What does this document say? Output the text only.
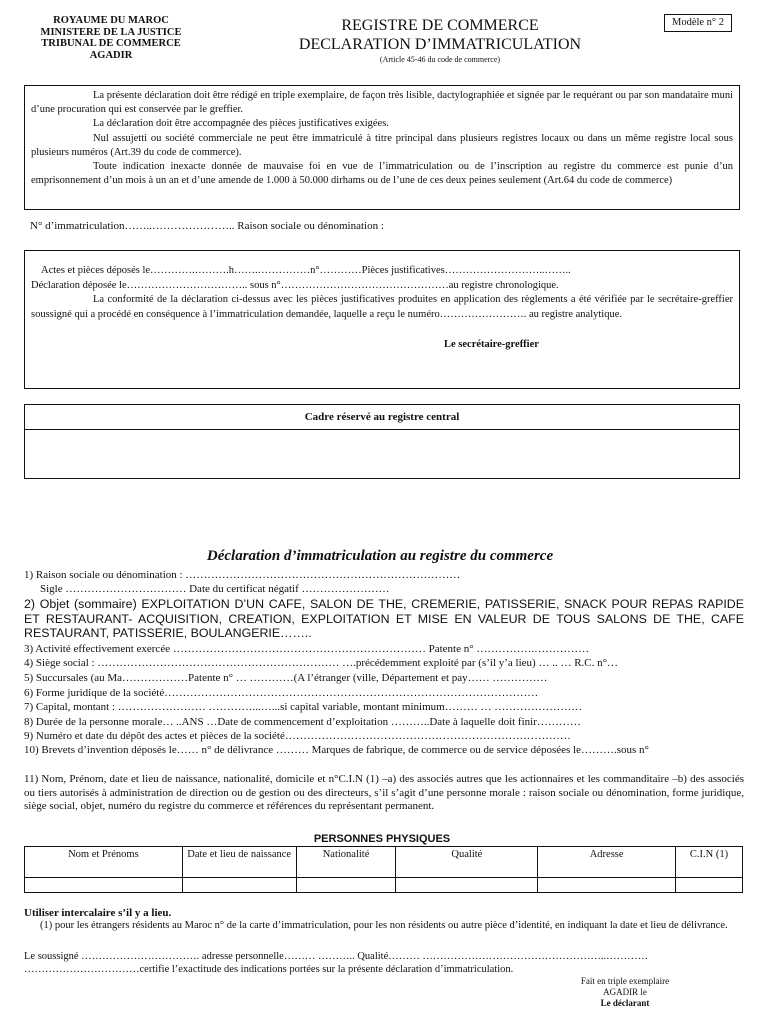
ROYAUME DU MAROC
MINISTERE DE LA JUSTICE
TRIBUNAL DE COMMERCE
AGADIR
REGISTRE DE COMMERCE
DECLARATION D’IMMATRICULATION
(Article 45-46 du code de commerce)
Modèle n° 2

La présente déclaration doit être rédigé en triple exemplaire, de façon très lisible, dactylographiée et signée par le requérant ou par son mandataire muni d’une procuration qui est conservée par le greffier.

La déclaration doit être accompagnée des pièces justificatives exigées.

Nul assujetti ou société commerciale ne peut être immatriculé à titre principal dans plusieurs registres locaux ou dans un même registre local sous plusieurs numéros (Art.39 du code de commerce).

Toute indication inexacte donnée de mauvaise foi en vue de l’immatriculation ou de l’inscription au registre du commerce est punie d’un emprisonnement d’un mois à un an et d’une amende de 1.000 à 50.000 dirhams ou de l’une de ces deux peines seulement (Art.64 du code de commerce)

N° d’immatriculation……..………………….. Raison sociale ou dénomination :

Actes et pièces déposés le………….……….h…….……………n°…………Pièces justificatives………………………..……..

Déclaration déposée le…………………………….. sous n°…………………………………………au registre chronologique.

La conformité de la déclaration ci-dessus avec les pièces justificatives produites en application des règlements a été vérifiée par le secrétaire-greffier soussigné qui a procédé en conséquence à l’immatriculation demandée, laquelle a reçu le numéro……………………. au registre analytique.

Le secrétaire-greffier
Cadre réservé au registre central
Déclaration d’immatriculation au registre du commerce
1) Raison sociale ou dénomination : …………………………………………………………………
Sigle …………………………… Date du certificat négatif ……………………
2) Objet (sommaire) EXPLOITATION D’UN CAFE, SALON DE THE, CREMERIE, PATISSERIE, SNACK POUR REPAS RAPIDE ET RESTAURANT- ACQUISITION, CREATION, EXPLOITATION ET MISE EN VALEUR DE TOUS SALONS DE THE, CAFE RESTAURANT, PATISSERIE, BOULANGERIE……..
3) Activité effectivement exercée …………………………………………………………… Patente n° …………….……………
4) Siège social : ………………………………………………………… ….précédemment exploité par (s’il y’a lieu) … .. … R.C. n°…
5) Succursales (au Ma………………Patente n° … …………(A l’étranger (ville, Département et pay…… ……………
6) Forme juridique de la société…………………………………………………………………………………………
7) Capital, montant : …………………… …………...…...si capital variable, montant minimum……… … ……………………
8) Durée de la personne morale… ..ANS …Date de commencement d’exploitation ………..Date à laquelle doit finir…………
9) Numéro et date du dépôt des actes et pièces de la société……………………………………………………………………
10) Brevets d’invention déposés le…… n° de délivrance ……… Marques de fabrique, de commerce ou de service déposées le……….sous n°
11) Nom, Prénom, date et lieu de naissance, nationalité, domicile et n°C.I.N (1) –a) des associés autres que les actionnaires et les commanditaire –b) des associés ou tiers autorisés à administration de direction ou de gestion ou des directeurs, s’il s’agit d’une personne morale : raison sociale ou dénomination, forme juridique, siège social, objet, numéro du registre du commerce et références du représentant permanent.
PERSONNES PHYSIQUES
Nom et Prénoms	Date et lieu de naissance	Nationalité	Qualité	Adresse	C.I.N (1)

Utiliser intercalaire s’il y a lieu.
(1) pour les étrangers résidents au Maroc n° de la carte d’immatriculation, pour les non résidents ou autre pièce d’identité, en indiquant la date et lieu de délivrance.
Le soussigné ……………………………. adresse personnelle……… ……….. Qualité……… ……………………………………………..…………
……………………………certifie l’exactitude des indications portées sur la présente déclaration d’immatriculation.
Fait en triple exemplaire
AGADIR le
Le déclarant
